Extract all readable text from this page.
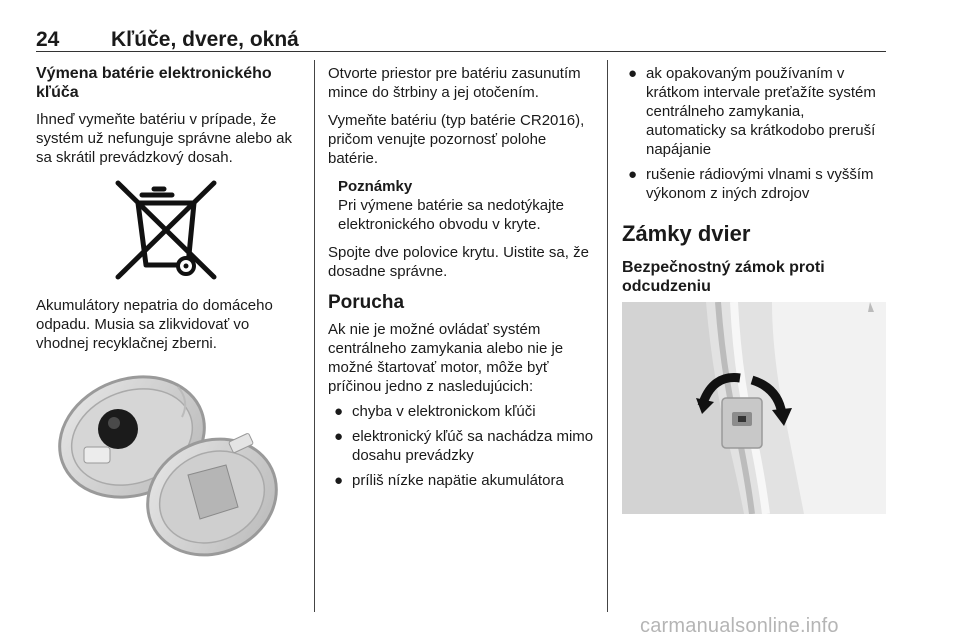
24 Kľúče, dvere, okná
Výmena batérie elektronického kľúča

Ihneď vymeňte batériu v prípade, že systém už nefunguje správne alebo ak sa skrátil prevádzkový dosah.

Akumulátory nepatria do domáceho odpadu. Musia sa zlikvidovať vo vhodnej recyklačnej zberni.

Otvorte priestor pre batériu zasunutím mince do štrbiny a jej otočením.

Vymeňte batériu (typ batérie CR2016), pričom venujte pozornosť polohe batérie.

Poznámky

Pri výmene batérie sa nedotýkajte elektronického obvodu v kryte.

Spojte dve polovice krytu. Uistite sa, že dosadne správne.

Porucha

Ak nie je možné ovládať systém centrálneho zamykania alebo nie je možné štartovať motor, môže byť príčinou jedno z nasledujúcich:

● chyba v elektronickom kľúči
● elektronický kľúč sa nachádza mimo dosahu prevádzky
● príliš nízke napätie akumulátora
● ak opakovaným používaním v krátkom intervale preťažíte systém centrálneho zamykania, automaticky sa krátkodobo preruší napájanie
● rušenie rádiovými vlnami s vyšším výkonom z iných zdrojov
Zámky dvier
Bezpečnostný zámok proti odcudzeniu
carmanualsonline.info
